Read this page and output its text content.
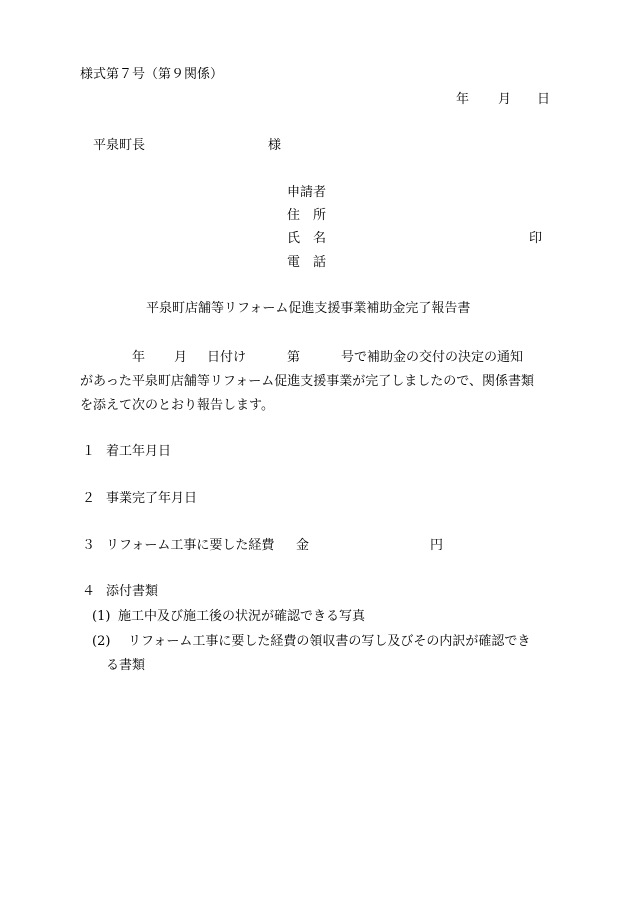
様式第７号（第９関係）
年 月 日
平泉町長	様
申請者
住　所
氏　名	印
電　話
平泉町店舗等リフォーム促進支援事業補助金完了報告書
年 月 日付け	第	号で補助金の交付の決定の通知
があった平泉町店舗等リフォーム促進支援事業が完了しましたので、関係書類
を添えて次のとおり報告します。
１ 着工年月日
２ 事業完了年月日
３ リフォーム工事に要した経費 金	円
４ 添付書類
(1) 施工中及び施工後の状況が確認できる写真
(2) リフォーム工事に要した経費の領収書の写し及びその内訳が確認でき
る書類
